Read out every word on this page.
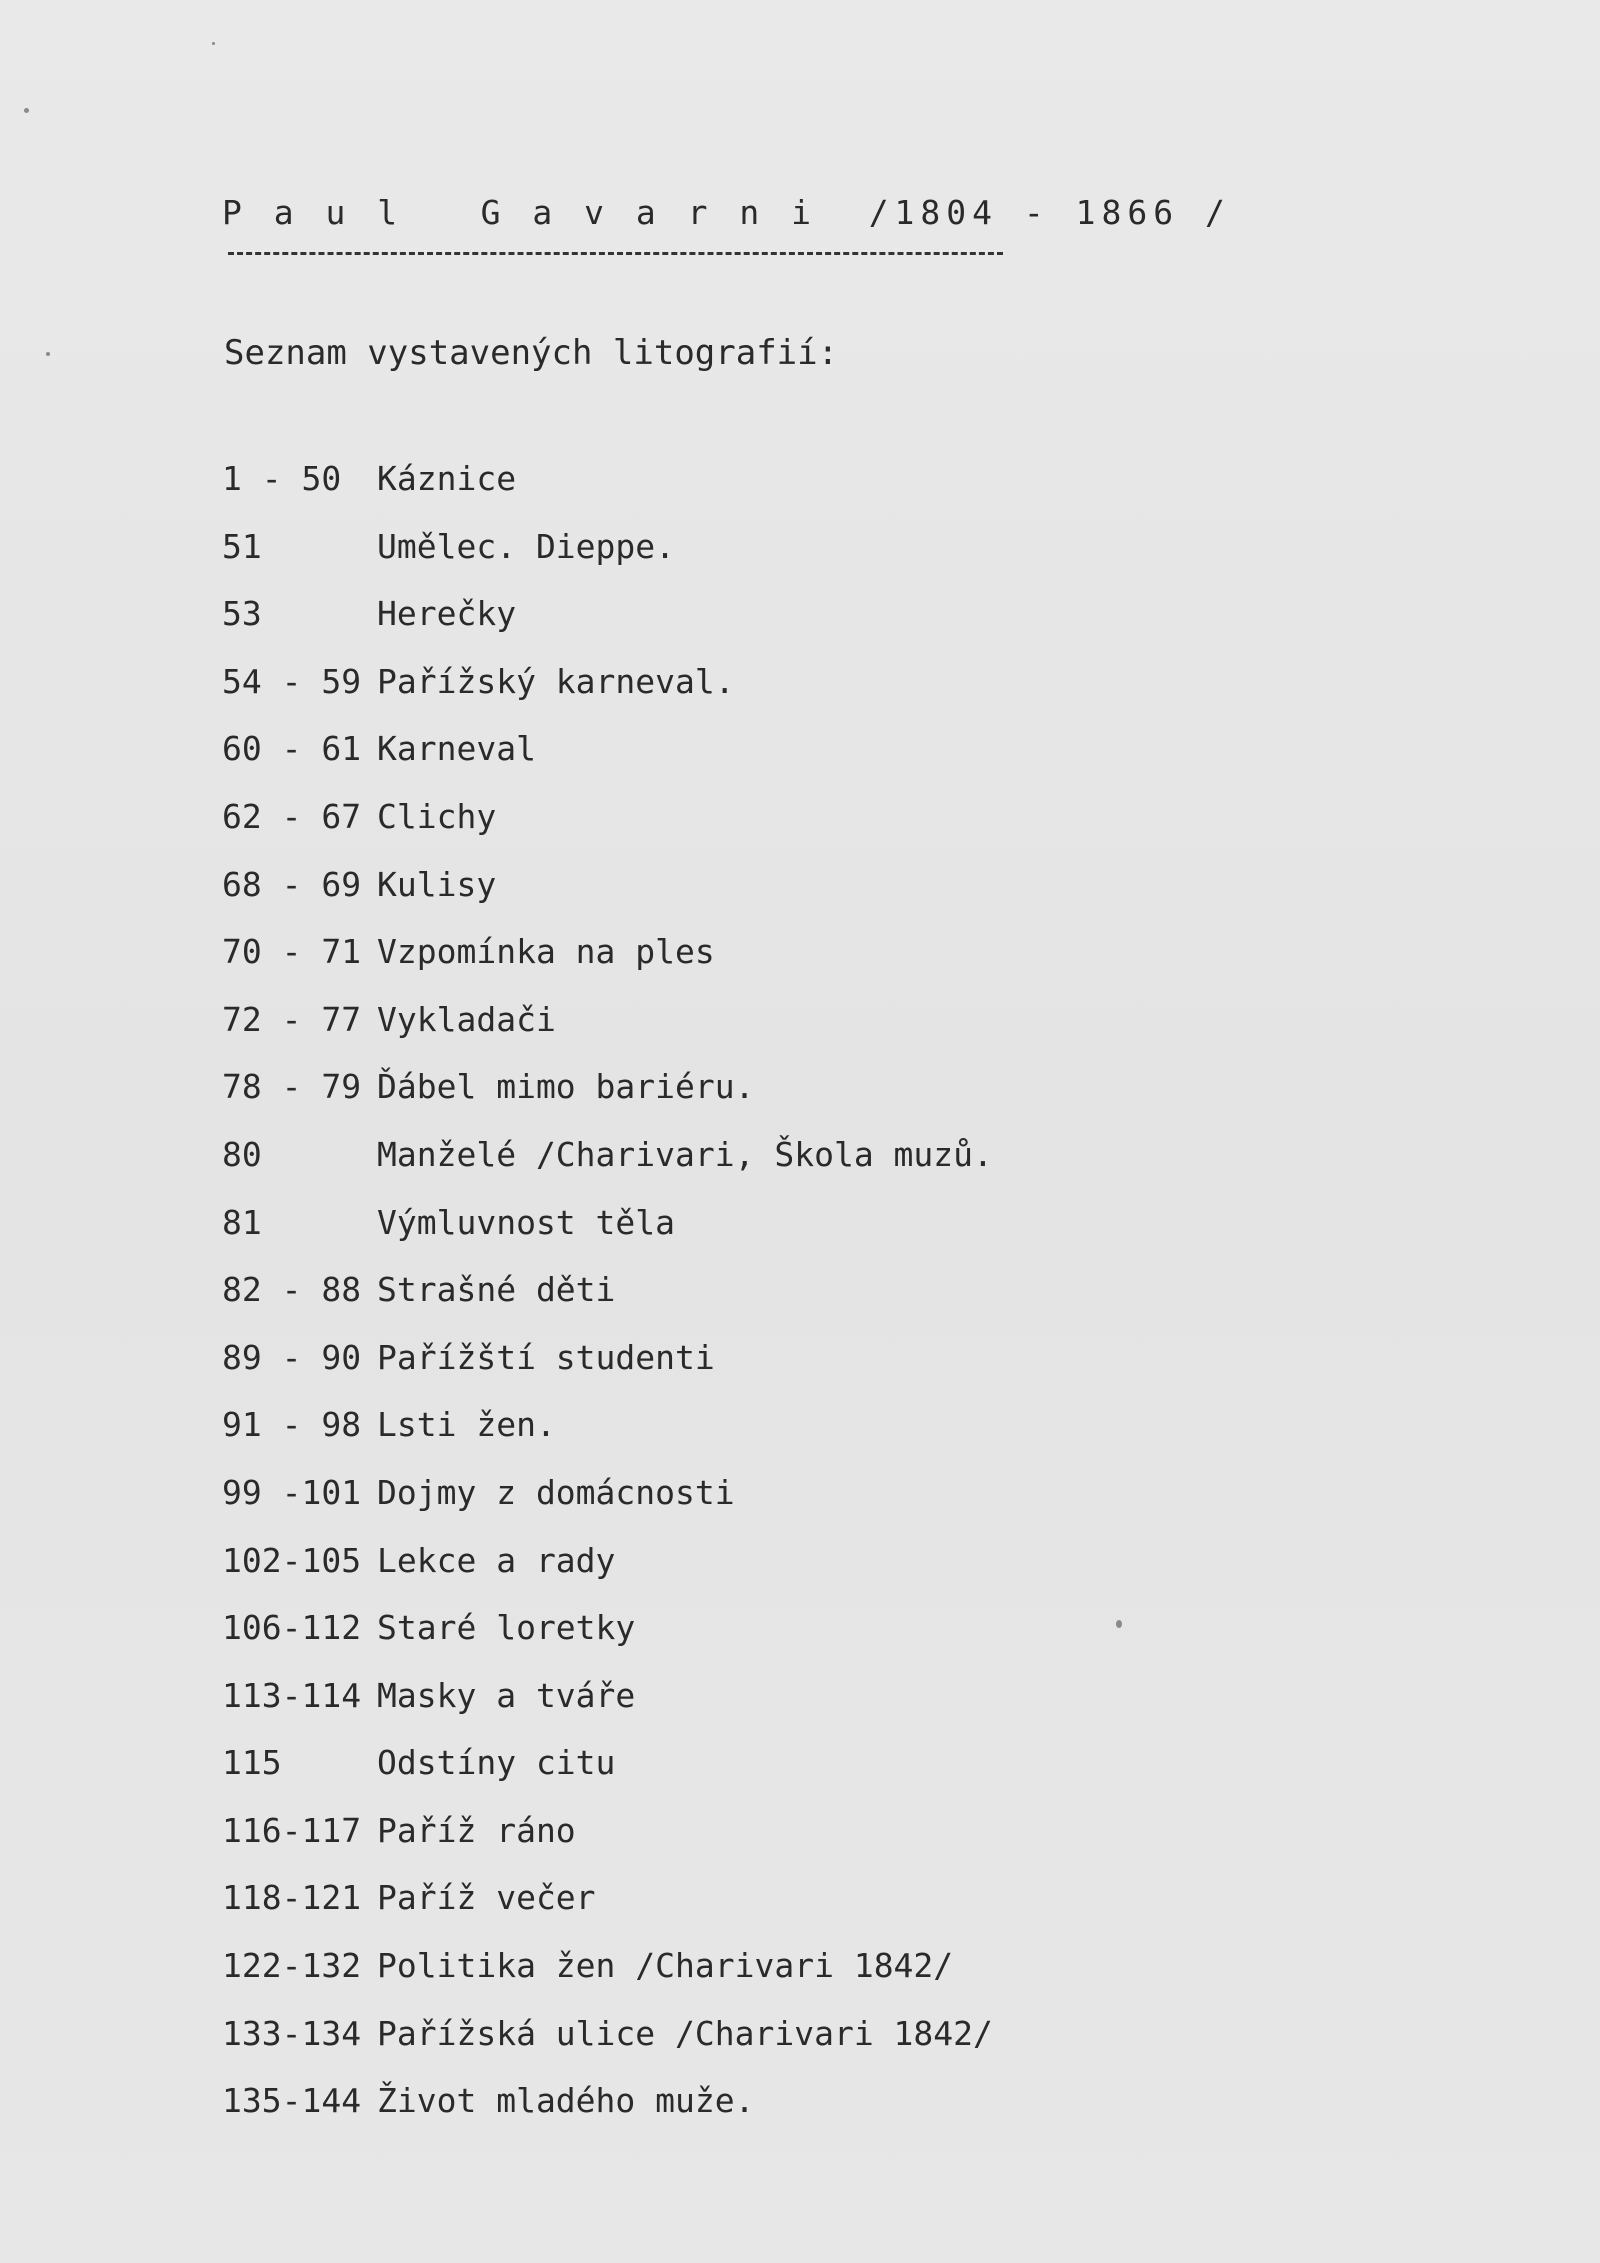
P a u l   G a v a r n i  /1804 - 1866 /
Seznam vystavených litografií:
1 - 50	Káznice
51	Umělec. Dieppe.
53	Herečky
54 - 59 Pařížský karneval.
60 - 61 Karneval
62 - 67 Clichy
68 - 69 Kulisy
70 - 71 Vzpomínka na ples
72 - 77 Vykladači
78 - 79 Ďábel mimo bariéru.
80	Manželé /Charivari, Škola muzů.
81	Výmluvnost těla
82 - 88 Strašné děti
89 - 90 Pařížští studenti
91 - 98 Lsti žen.
99 -101 Dojmy z domácnosti
102-105 Lekce a rady
106-112 Staré loretky
113-114 Masky a tváře
115	Odstíny citu
116-117 Paříž ráno
118-121 Paříž večer
122-132 Politika žen /Charivari 1842/
133-134 Pařížská ulice /Charivari 1842/
135-144 Život mladého muže.
